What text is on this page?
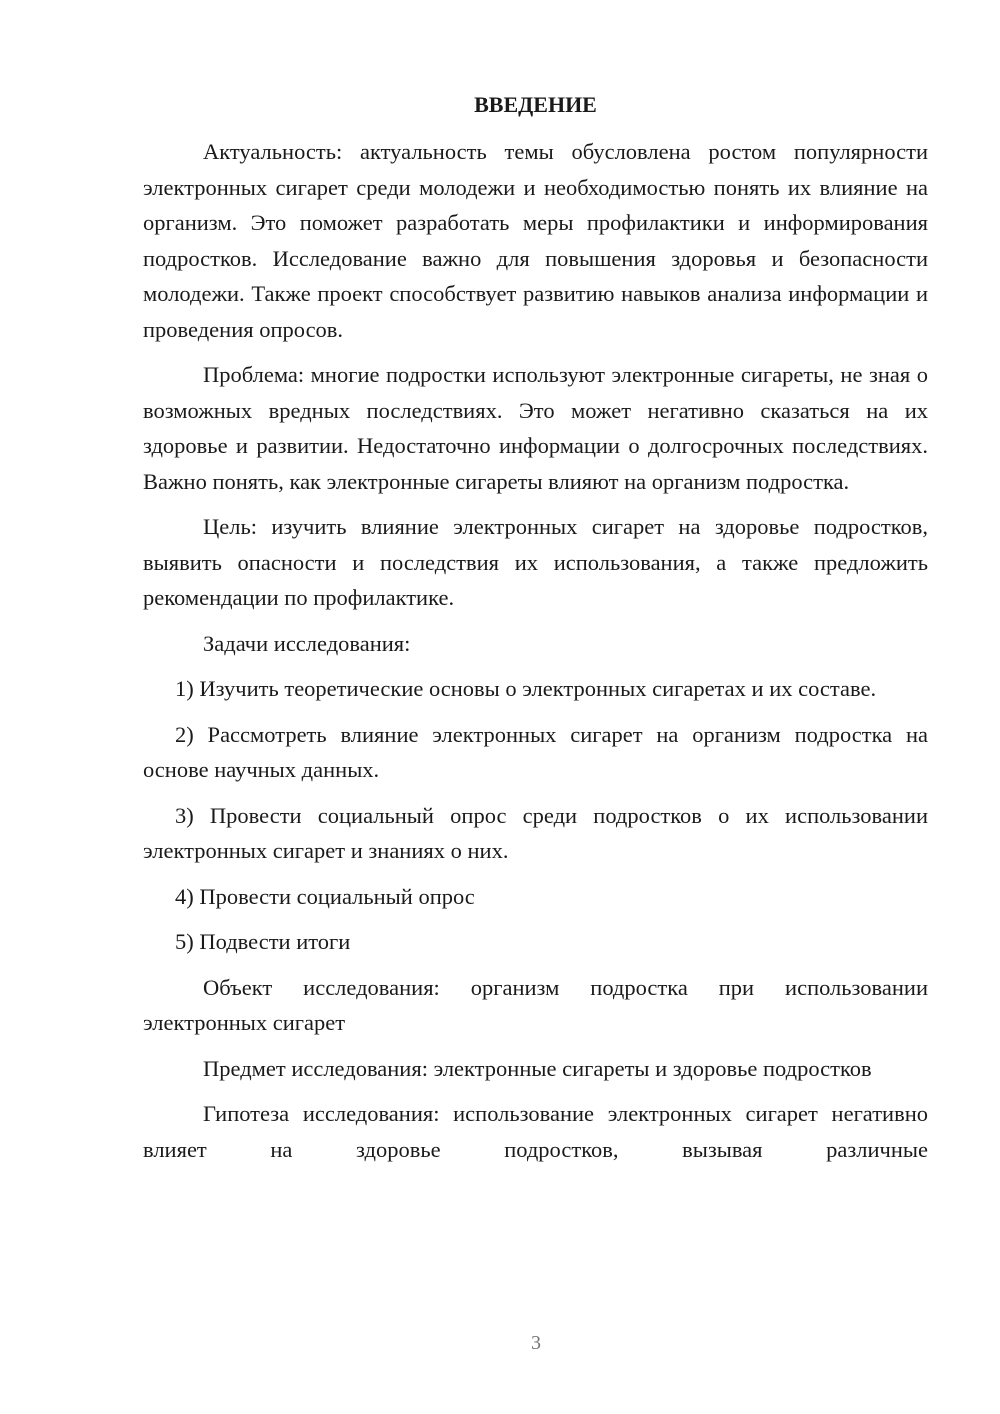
ВВЕДЕНИЕ

Актуальность: актуальность темы обусловлена ростом популярности электронных сигарет среди молодежи и необходимостью понять их влияние на организм. Это поможет разработать меры профилактики и информирования подростков. Исследование важно для повышения здоровья и безопасности молодежи. Также проект способствует развитию навыков анализа информации и проведения опросов.

Проблема: многие подростки используют электронные сигареты, не зная о возможных вредных последствиях. Это может негативно сказаться на их здоровье и развитии. Недостаточно информации о долгосрочных последствиях. Важно понять, как электронные сигареты влияют на организм подростка.

Цель: изучить влияние электронных сигарет на здоровье подростков, выявить опасности и последствия их использования, а также предложить рекомендации по профилактике.

Задачи исследования:

1) Изучить теоретические основы о электронных сигаретах и их составе.

2) Рассмотреть влияние электронных сигарет на организм подростка на основе научных данных.

3) Провести социальный опрос среди подростков о их использовании электронных сигарет и знаниях о них.

4) Провести социальный опрос

5) Подвести итоги

Объект исследования: организм подростка при использовании электронных сигарет

Предмет исследования: электронные сигареты и здоровье подростков

Гипотеза исследования: использование электронных сигарет негативно влияет на здоровье подростков, вызывая различные

3
